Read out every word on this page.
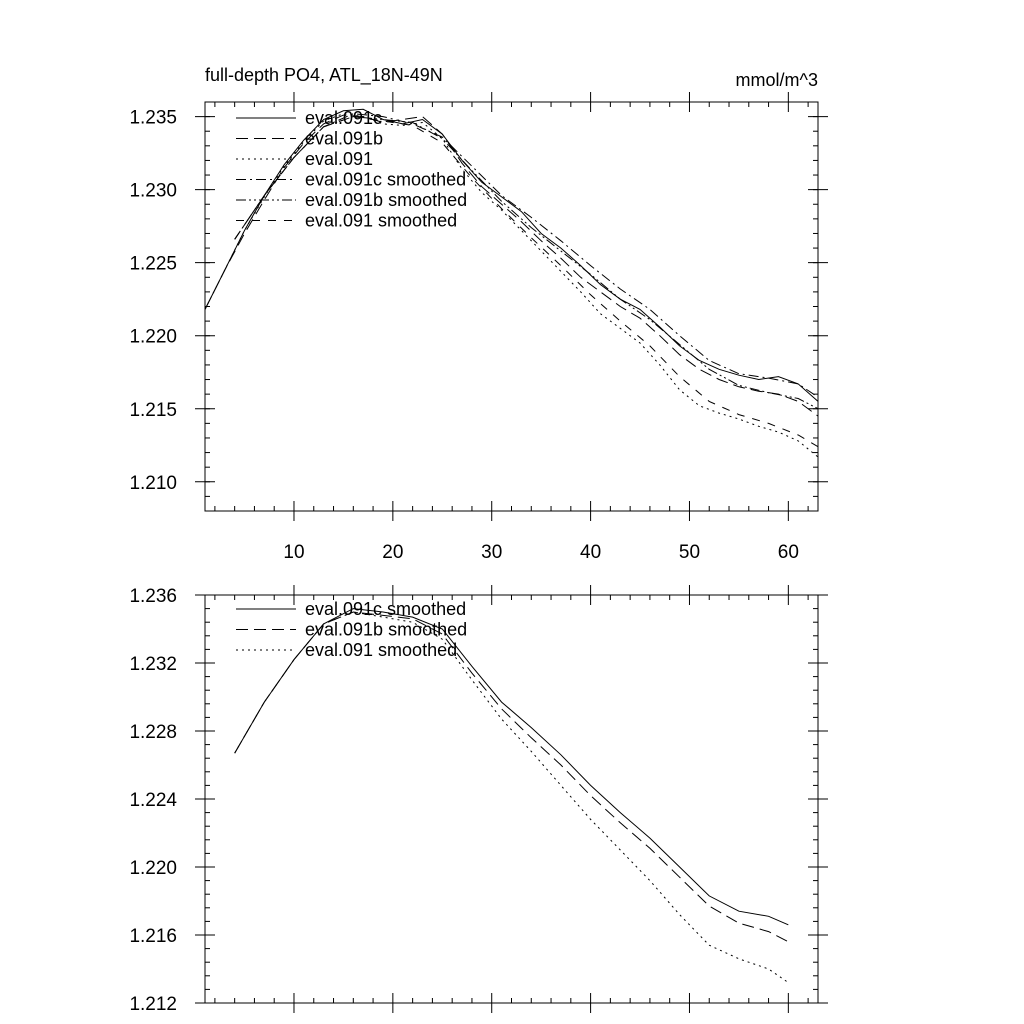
full-depth PO4, ATL_18N-49N	mmol/m^3
10	20	30	40	50	60
1.210
1.215
1.220
1.225
1.230
1.235	eval.091c
eval.091b
eval.091
eval.091c smoothed
eval.091b smoothed
eval.091 smoothed
1.212
1.216
1.220
1.224
1.228
1.232
1.236
eval.091c smoothed
eval.091b smoothed
eval.091 smoothed
